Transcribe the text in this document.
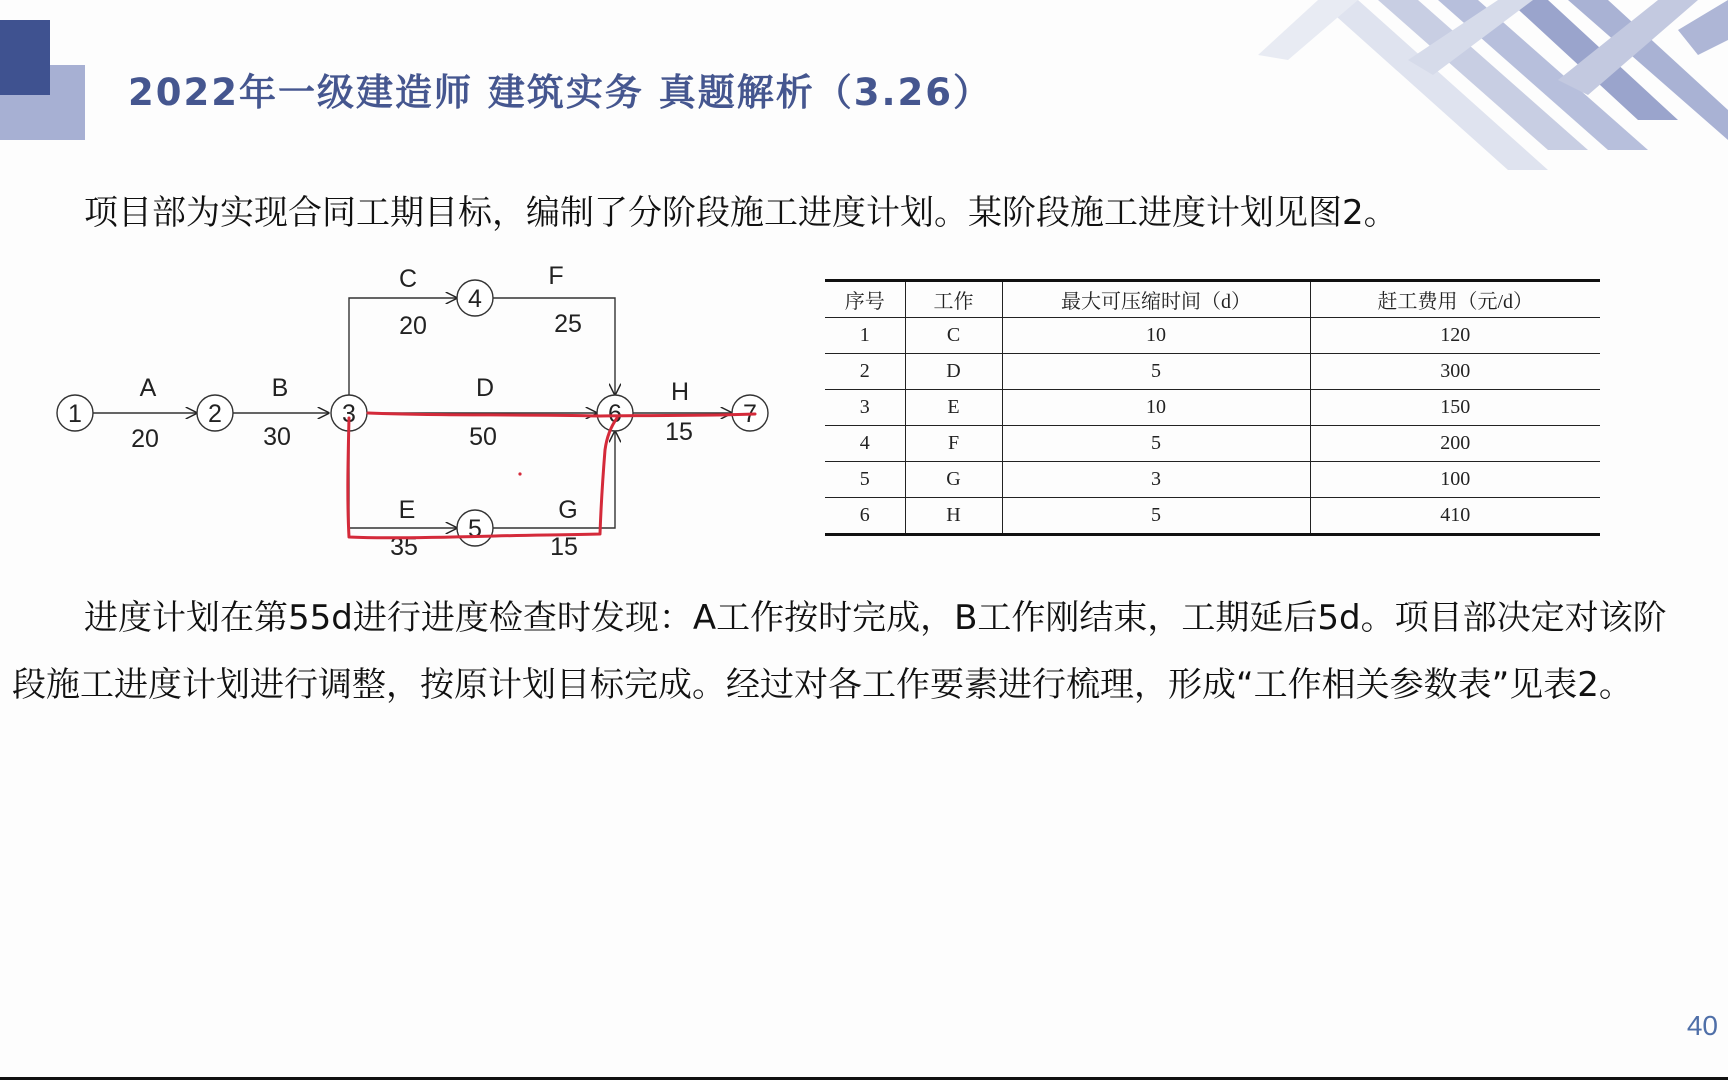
2022年一级建造师 建筑实务 真题解析（3.26）

项目部为实现合同工期目标，编制了分阶段施工进度计划。某阶段施工进度计划见图2。

1	2	3
4
5
6	7
A
20
B
30
C
20
F
25
D
50
H
15
E
35
G
15
序号	工作	最大可压缩时间（d）	赶工费用（元/d）
1	C	10	120
2	D	5	300
3	E	10	150
4	F	5	200
5	G	3	100
6	H	5	410

进度计划在第55d进行进度检查时发现：A工作按时完成，B工作刚结束，工期延后5d。项目部决定对该阶段施工进度计划进行调整，按原计划目标完成。经过对各工作要素进行梳理，形成“工作相关参数表”见表2。

40
